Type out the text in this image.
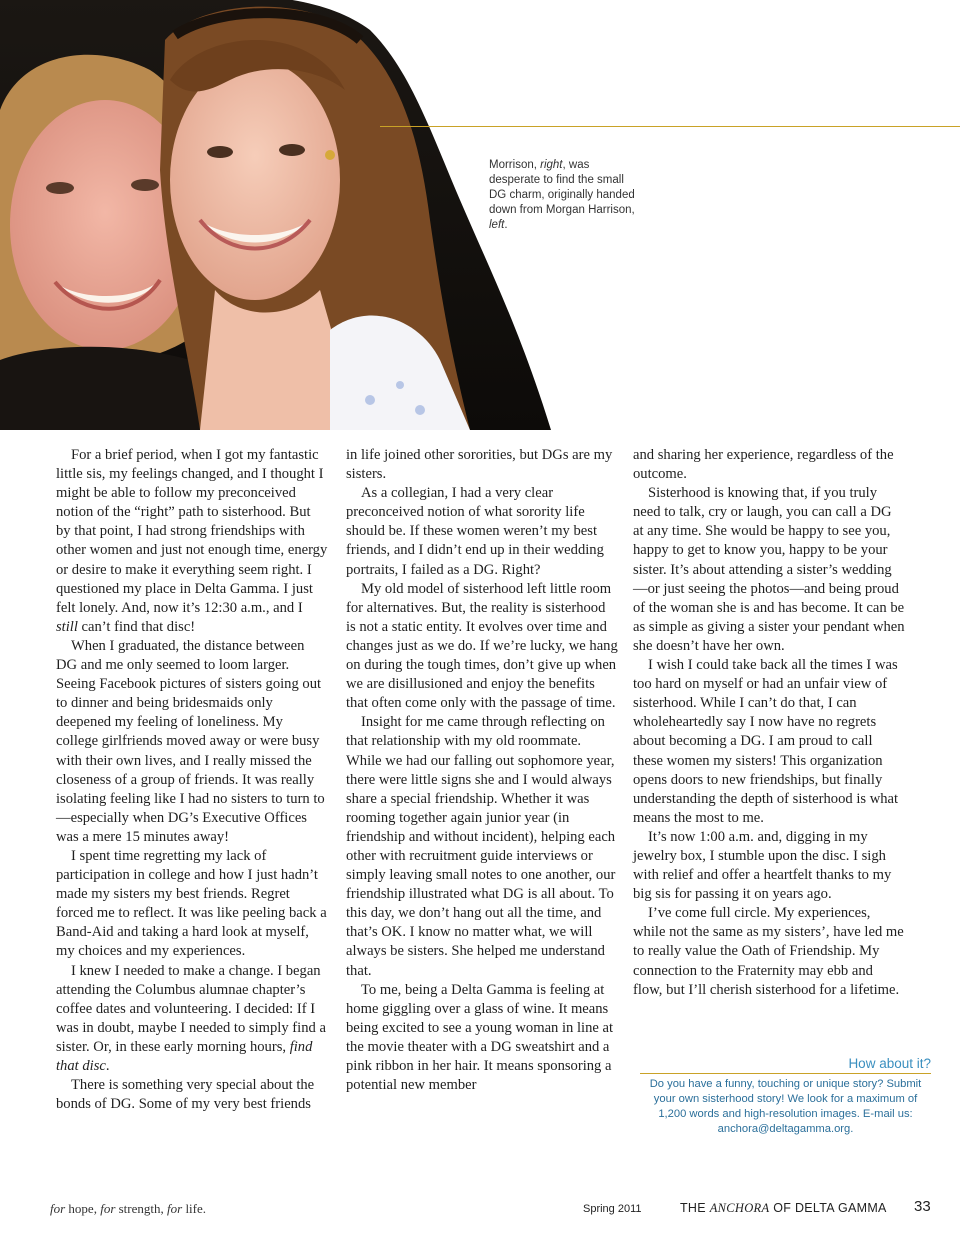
Morrison, right, was desperate to find the small DG charm, originally handed down from Morgan Harrison, left.

For a brief period, when I got my fantastic little sis, my feelings changed, and I thought I might be able to follow my preconceived notion of the “right” path to sisterhood. But by that point, I had strong friendships with other women and just not enough time, energy or desire to make it everything seem right. I questioned my place in Delta Gamma. I just felt lonely. And, now it’s 12:30 a.m., and I still can’t find that disc!

When I graduated, the distance between DG and me only seemed to loom larger. Seeing Facebook pictures of sisters going out to dinner and being bridesmaids only deepened my feeling of loneliness. My college girlfriends moved away or were busy with their own lives, and I really missed the closeness of a group of friends. It was really isolating feeling like I had no sisters to turn to—especially when DG’s Executive Offices was a mere 15 minutes away!

I spent time regretting my lack of participation in college and how I just hadn’t made my sisters my best friends. Regret forced me to reflect. It was like peeling back a Band-Aid and taking a hard look at myself, my choices and my experiences.

I knew I needed to make a change. I began attending the Columbus alumnae chapter’s coffee dates and volunteering. I decided: If I was in doubt, maybe I needed to simply find a sister. Or, in these early morning hours, find that disc.

There is something very special about the bonds of DG. Some of my very best friends

in life joined other sororities, but DGs are my sisters.

As a collegian, I had a very clear preconceived notion of what sorority life should be. If these women weren’t my best friends, and I didn’t end up in their wedding portraits, I failed as a DG. Right?

My old model of sisterhood left little room for alternatives. But, the reality is sisterhood is not a static entity. It evolves over time and changes just as we do. If we’re lucky, we hang on during the tough times, don’t give up when we are disillusioned and enjoy the benefits that often come only with the passage of time.

Insight for me came through reflecting on that relationship with my old roommate. While we had our falling out sophomore year, there were little signs she and I would always share a special friendship. Whether it was rooming together again junior year (in friendship and without incident), helping each other with recruitment guide interviews or simply leaving small notes to one another, our friendship illustrated what DG is all about. To this day, we don’t hang out all the time, and that’s OK. I know no matter what, we will always be sisters. She helped me understand that.

To me, being a Delta Gamma is feeling at home giggling over a glass of wine. It means being excited to see a young woman in line at the movie theater with a DG sweatshirt and a pink ribbon in her hair. It means sponsoring a potential new member

and sharing her experience, regardless of the outcome.

Sisterhood is knowing that, if you truly need to talk, cry or laugh, you can call a DG at any time. She would be happy to see you, happy to get to know you, happy to be your sister. It’s about attending a sister’s wedding—or just seeing the photos—and being proud of the woman she is and has become. It can be as simple as giving a sister your pendant when she doesn’t have her own.

I wish I could take back all the times I was too hard on myself or had an unfair view of sisterhood. While I can’t do that, I can wholeheartedly say I now have no regrets about becoming a DG. I am proud to call these women my sisters! This organization opens doors to new friendships, but finally understanding the depth of sisterhood is what means the most to me.

It’s now 1:00 a.m. and, digging in my jewelry box, I stumble upon the disc. I sigh with relief and offer a heartfelt thanks to my big sis for passing it on years ago.

I’ve come full circle. My experiences, while not the same as my sisters’, have led me to really value the Oath of Friendship. My connection to the Fraternity may ebb and flow, but I’ll cherish sisterhood for a lifetime.

How about it?
Do you have a funny, touching or unique story? Submit your own sisterhood story! We look for a maximum of 1,200 words and high-resolution images. E-mail us: anchora@deltagamma.org.
for hope, for strength, for life.	Spring 2011	THE ANCHORA OF DELTA GAMMA 33
